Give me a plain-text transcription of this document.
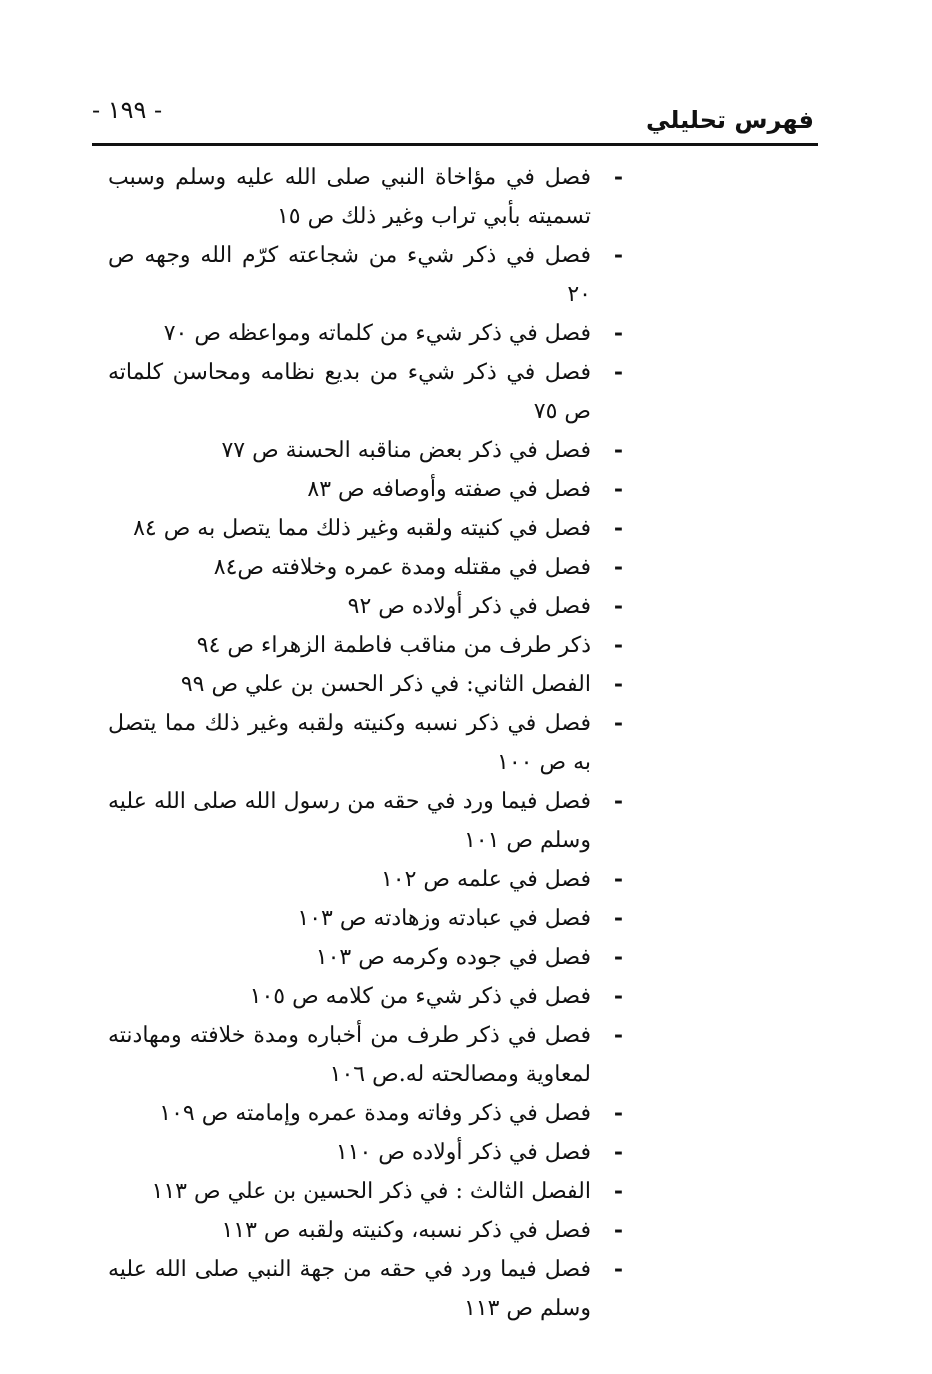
فهرس تحليلي
- ١٩٩ -
-
فصل في مؤاخاة النبي صلى الله عليه وسلم وسبب تسميته بأبي تراب وغير ذلك ص ١٥
-
فصل في ذكر شيء من شجاعته كرّم الله وجهه ص ٢٠
-
فصل في ذكر شيء من كلماته ومواعظه ص ٧٠
-
فصل في ذكر شيء من بديع نظامه ومحاسن كلماته ص ٧٥
-
فصل في ذكر بعض مناقبه الحسنة ص ٧٧
-
فصل في صفته وأوصافه ص ٨٣
-
فصل في كنيته ولقبه وغير ذلك مما يتصل به ص ٨٤
-
فصل في مقتله ومدة عمره وخلافته ص٨٤
-
فصل في ذكر أولاده ص ٩٢
-
ذكر طرف من مناقب فاطمة الزهراء ص ٩٤
-
الفصل الثاني: في ذكر الحسن بن علي ص ٩٩
-
فصل في ذكر نسبه وكنيته ولقبه وغير ذلك مما يتصل به ص ١٠٠
-
فصل فيما ورد في حقه من رسول الله صلى الله عليه وسلم ص ١٠١
-
فصل في علمه ص ١٠٢
-
فصل في عبادته وزهادته ص ١٠٣
-
فصل في جوده وكرمه ص ١٠٣
-
فصل في ذكر شيء من كلامه ص ١٠٥
-
فصل في ذكر طرف من أخباره ومدة خلافته ومهادنته لمعاوية ومصالحته له.ص ١٠٦
-
فصل في ذكر وفاته ومدة عمره وإمامته ص ١٠٩
-
فصل في ذكر أولاده ص ١١٠
-
الفصل الثالث : في ذكر الحسين بن علي ص ١١٣
-
فصل في ذكر نسبه، وكنيته ولقبه ص ١١٣
-
فصل فيما ورد في حقه من جهة النبي صلى الله عليه وسلم ص ١١٣
